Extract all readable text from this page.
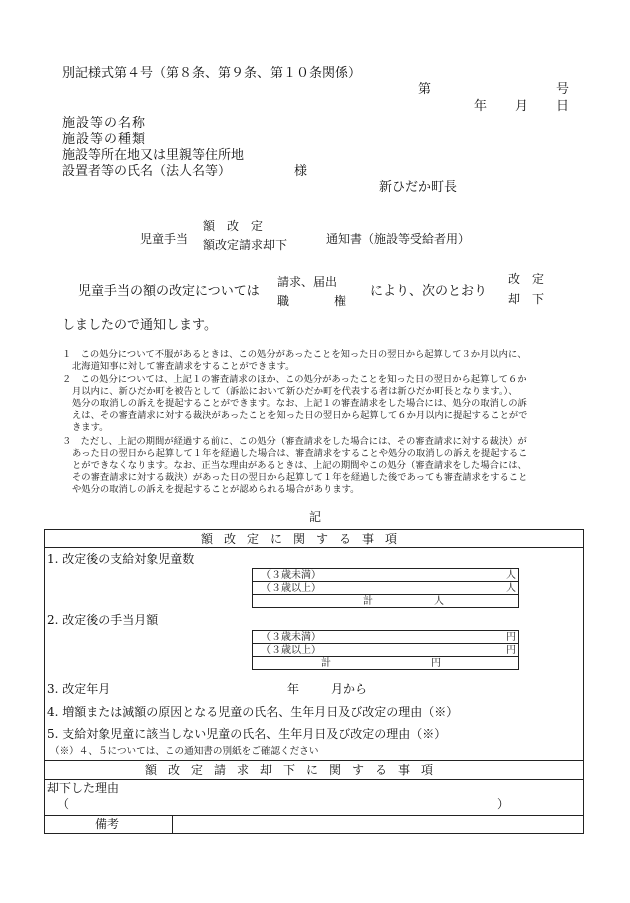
別記様式第４号（第８条、第９条、第１０条関係）
第	号
年 月 日
施設等の名称
施設等の種類
施設等所在地又は里親等住所地
設置者等の氏名（法人名等）	様
新ひだか町長
児童手当
額　改　定
額改定請求却下	通知書（施設等受給者用）
児童手当の額の改定については
請求、届出
職	権
により、次のとおり
改　定
却　下
しましたので通知します。
１　この処分について不服があるときは、この処分があったことを知った日の翌日から起算して３か月以内に、
北海道知事に対して審査請求をすることができます。
２　この処分については、上記１の審査請求のほか、この処分があったことを知った日の翌日から起算して６か
月以内に、新ひだか町を被告として（訴訟において新ひだか町を代表する者は新ひだか町長となります。）、
処分の取消しの訴えを提起することができます。なお、上記１の審査請求をした場合には、処分の取消しの訴
えは、その審査請求に対する裁決があったことを知った日の翌日から起算して６か月以内に提起することがで
きます。
３　ただし、上記の期間が経過する前に、この処分（審査請求をした場合には、その審査請求に対する裁決）が
あった日の翌日から起算して１年を経過した場合は、審査請求をすることや処分の取消しの訴えを提起するこ
とができなくなります。なお、正当な理由があるときは、上記の期間やこの処分（審査請求をした場合には、
その審査請求に対する裁決）があった日の翌日から起算して１年を経過した後であっても審査請求をすること
や処分の取消しの訴えを提起することが認められる場合があります。
記
額改定に関する事項
1. 改定後の支給対象児童数
（３歳未満）	人
（３歳以上）	人
計	人
2. 改定後の手当月額
（３歳未満）	円
（３歳以上）	円
計	円
3. 改定年月	年	月から
4. 増額または減額の原因となる児童の氏名、生年月日及び改定の理由（※）
5. 支給対象児童に該当しない児童の氏名、生年月日及び改定の理由（※）
（※）４、５については、この通知書の別紙をご確認ください
額改定請求却下に関する事項
却下した理由
（	）
備考
